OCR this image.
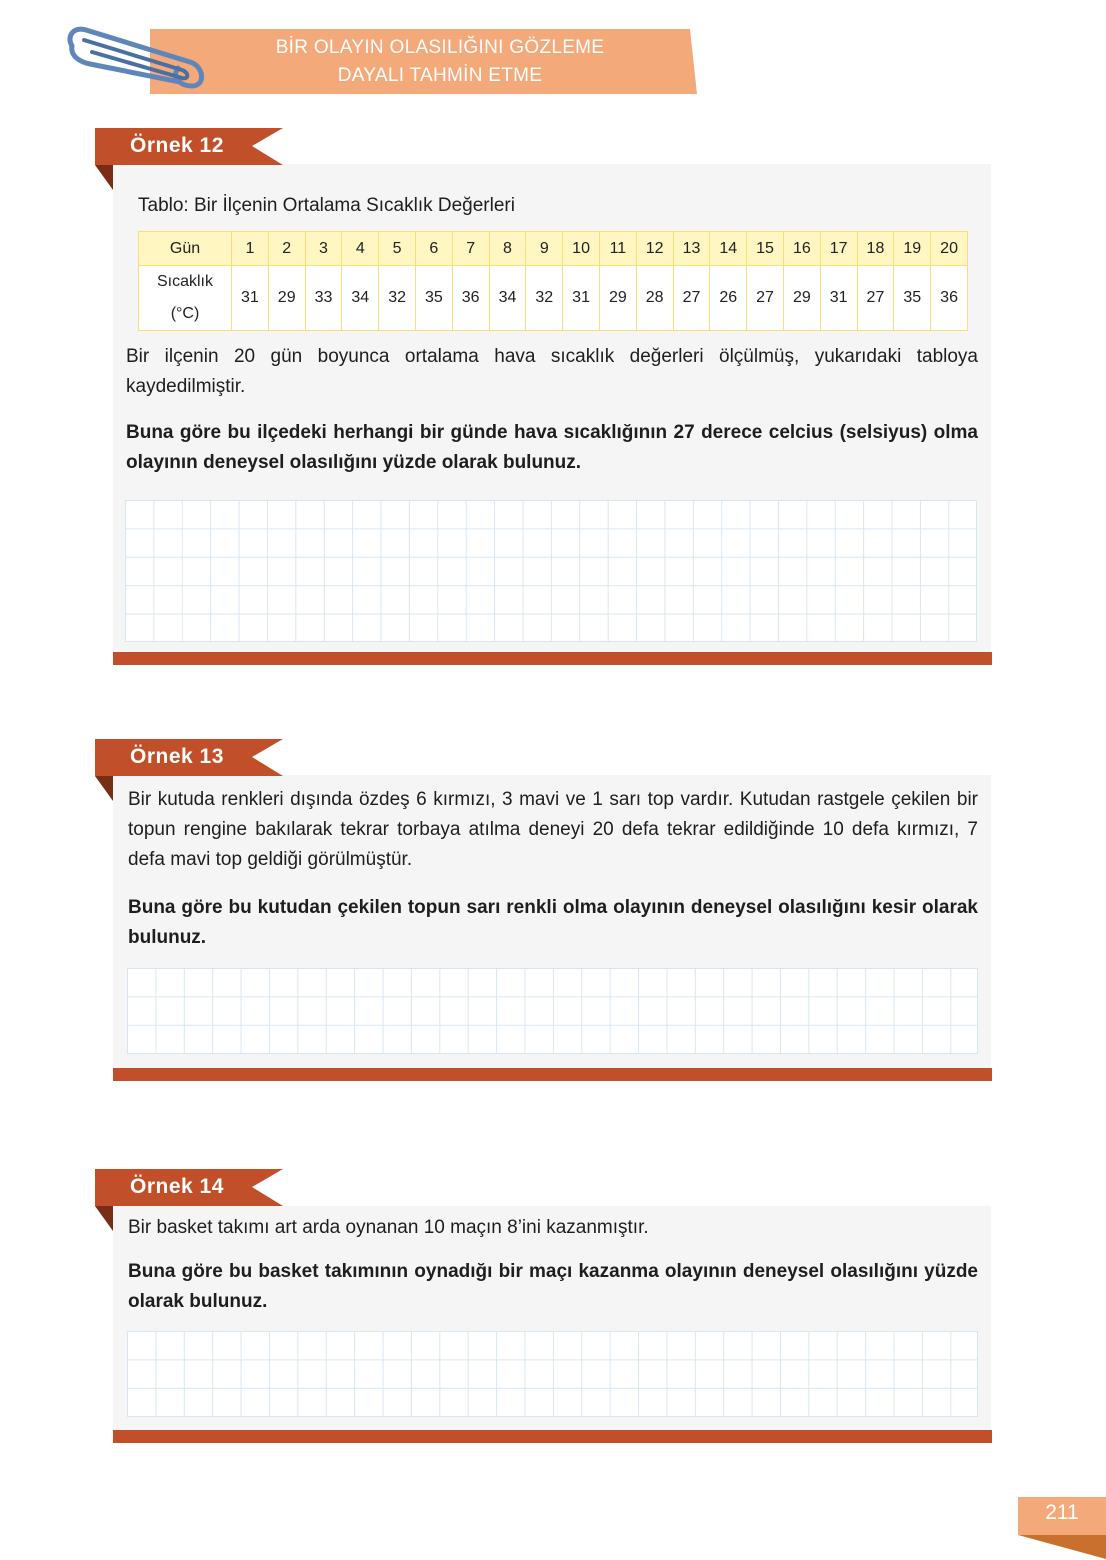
BİR OLAYIN OLASILIĞINI GÖZLEME
DAYALI TAHMİN ETME
Örnek 12
Tablo: Bir İlçenin Ortalama Sıcaklık Değerleri
Gün	1	2	3	4	5	6	7	8	9	10	11	12	13	14	15	16	17	18	19	20

Sıcaklık
(°C)	31	29	33	34	32	35	36	34	32	31	29	28	27	26	27	29	31	27	35	36

Bir ilçenin 20 gün boyunca ortalama hava sıcaklık değerleri ölçülmüş, yukarıdaki tabloya kaydedilmiştir.

Buna göre bu ilçedeki herhangi bir günde hava sıcaklığının 27 derece celcius (selsiyus) olma olayının deneysel olasılığını yüzde olarak bulunuz.

Örnek 13

Bir kutuda renkleri dışında özdeş 6 kırmızı, 3 mavi ve 1 sarı top vardır. Kutudan rastgele çekilen bir topun rengine bakılarak tekrar torbaya atılma deneyi 20 defa tekrar edildiğinde 10 defa kırmızı, 7 defa mavi top geldiği görülmüştür.

Buna göre bu kutudan çekilen topun sarı renkli olma olayının deneysel olasılığını kesir olarak bulunuz.

Örnek 14

Bir basket takımı art arda oynanan 10 maçın 8’ini kazanmıştır.

Buna göre bu basket takımının oynadığı bir maçı kazanma olayının deneysel olasılığını yüzde olarak bulunuz.

211
